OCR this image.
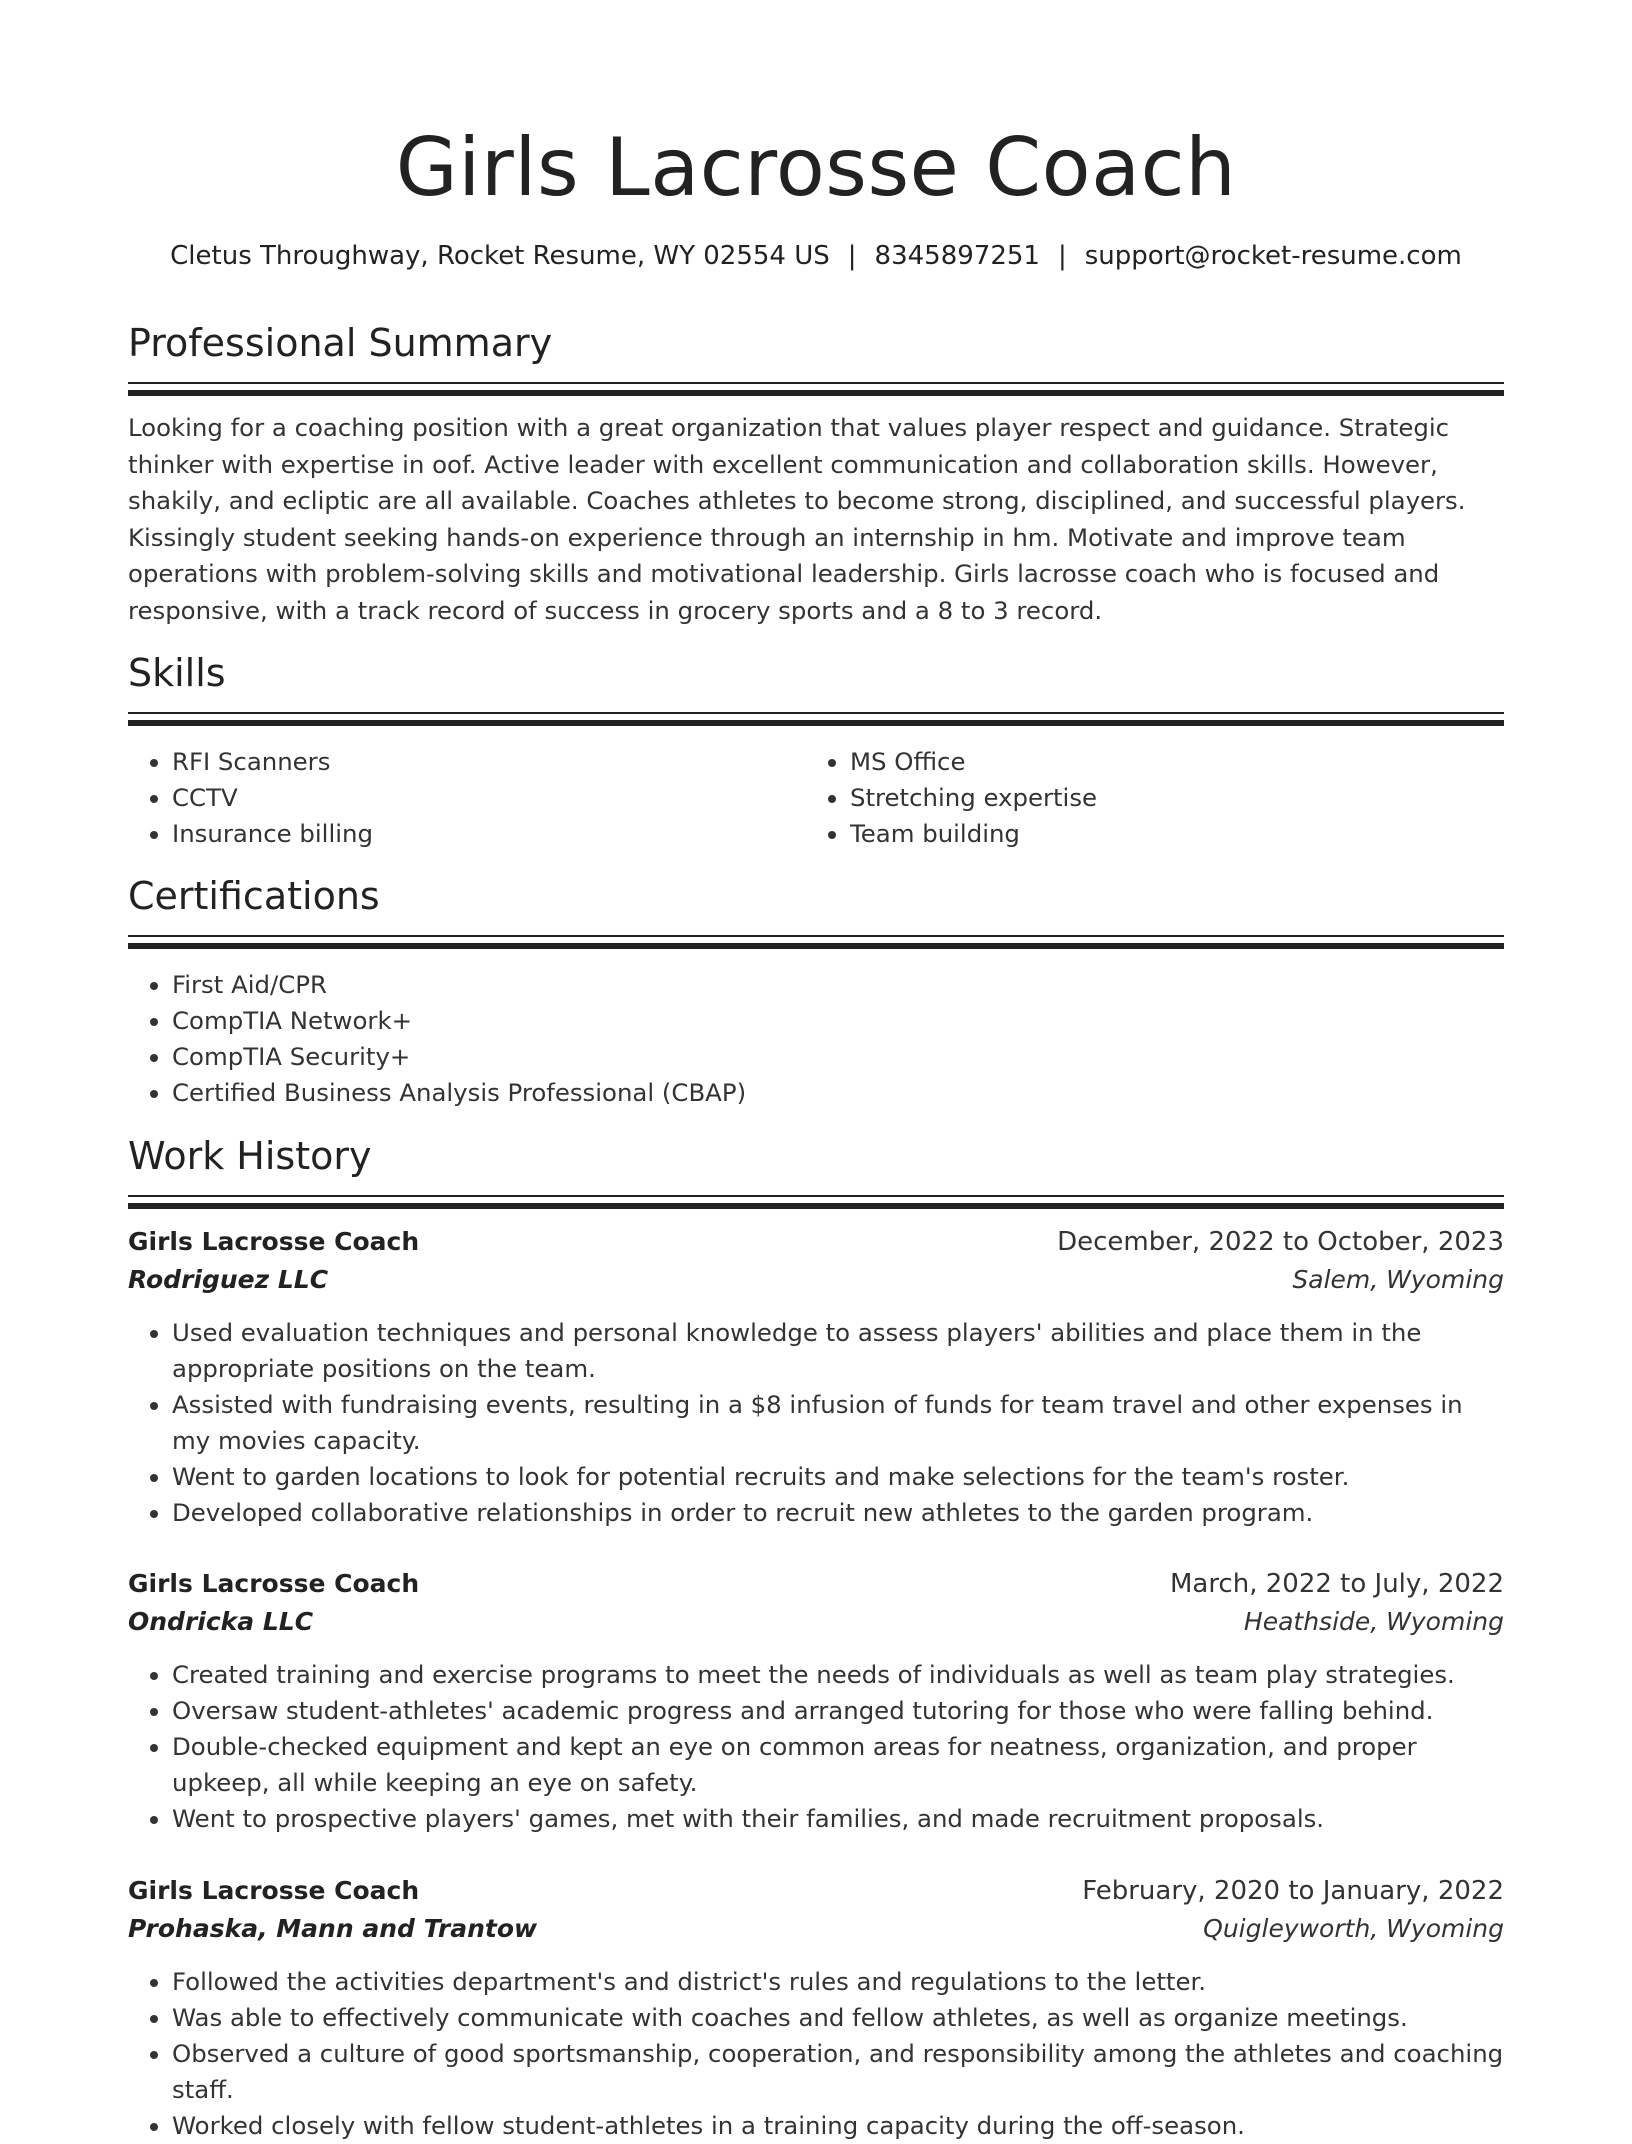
Girls Lacrosse Coach
Cletus Throughway, Rocket Resume, WY 02554 US | 8345897251 | support@rocket-resume.com
Professional Summary
Looking for a coaching position with a great organization that values player respect and guidance. Strategic thinker with expertise in oof. Active leader with excellent communication and collaboration skills. However, shakily, and ecliptic are all available. Coaches athletes to become strong, disciplined, and successful players. Kissingly student seeking hands-on experience through an internship in hm. Motivate and improve team operations with problem-solving skills and motivational leadership. Girls lacrosse coach who is focused and responsive, with a track record of success in grocery sports and a 8 to 3 record.
Skills
• RFI Scanners
• CCTV
• Insurance billing
• MS Office
• Stretching expertise
• Team building
Certifications
• First Aid/CPR
• CompTIA Network+
• CompTIA Security+
• Certified Business Analysis Professional (CBAP)
Work History
Girls Lacrosse Coach	December, 2022 to October, 2023
Rodriguez LLC	Salem, Wyoming
• Used evaluation techniques and personal knowledge to assess players' abilities and place them in the appropriate positions on the team.
• Assisted with fundraising events, resulting in a $8 infusion of funds for team travel and other expenses in my movies capacity.
• Went to garden locations to look for potential recruits and make selections for the team's roster.
• Developed collaborative relationships in order to recruit new athletes to the garden program.
Girls Lacrosse Coach	March, 2022 to July, 2022
Ondricka LLC	Heathside, Wyoming
• Created training and exercise programs to meet the needs of individuals as well as team play strategies.
• Oversaw student-athletes' academic progress and arranged tutoring for those who were falling behind.
• Double-checked equipment and kept an eye on common areas for neatness, organization, and proper upkeep, all while keeping an eye on safety.
• Went to prospective players' games, met with their families, and made recruitment proposals.
Girls Lacrosse Coach	February, 2020 to January, 2022
Prohaska, Mann and Trantow	Quigleyworth, Wyoming
• Followed the activities department's and district's rules and regulations to the letter.
• Was able to effectively communicate with coaches and fellow athletes, as well as organize meetings.
• Observed a culture of good sportsmanship, cooperation, and responsibility among the athletes and coaching staff.
• Worked closely with fellow student-athletes in a training capacity during the off-season.
